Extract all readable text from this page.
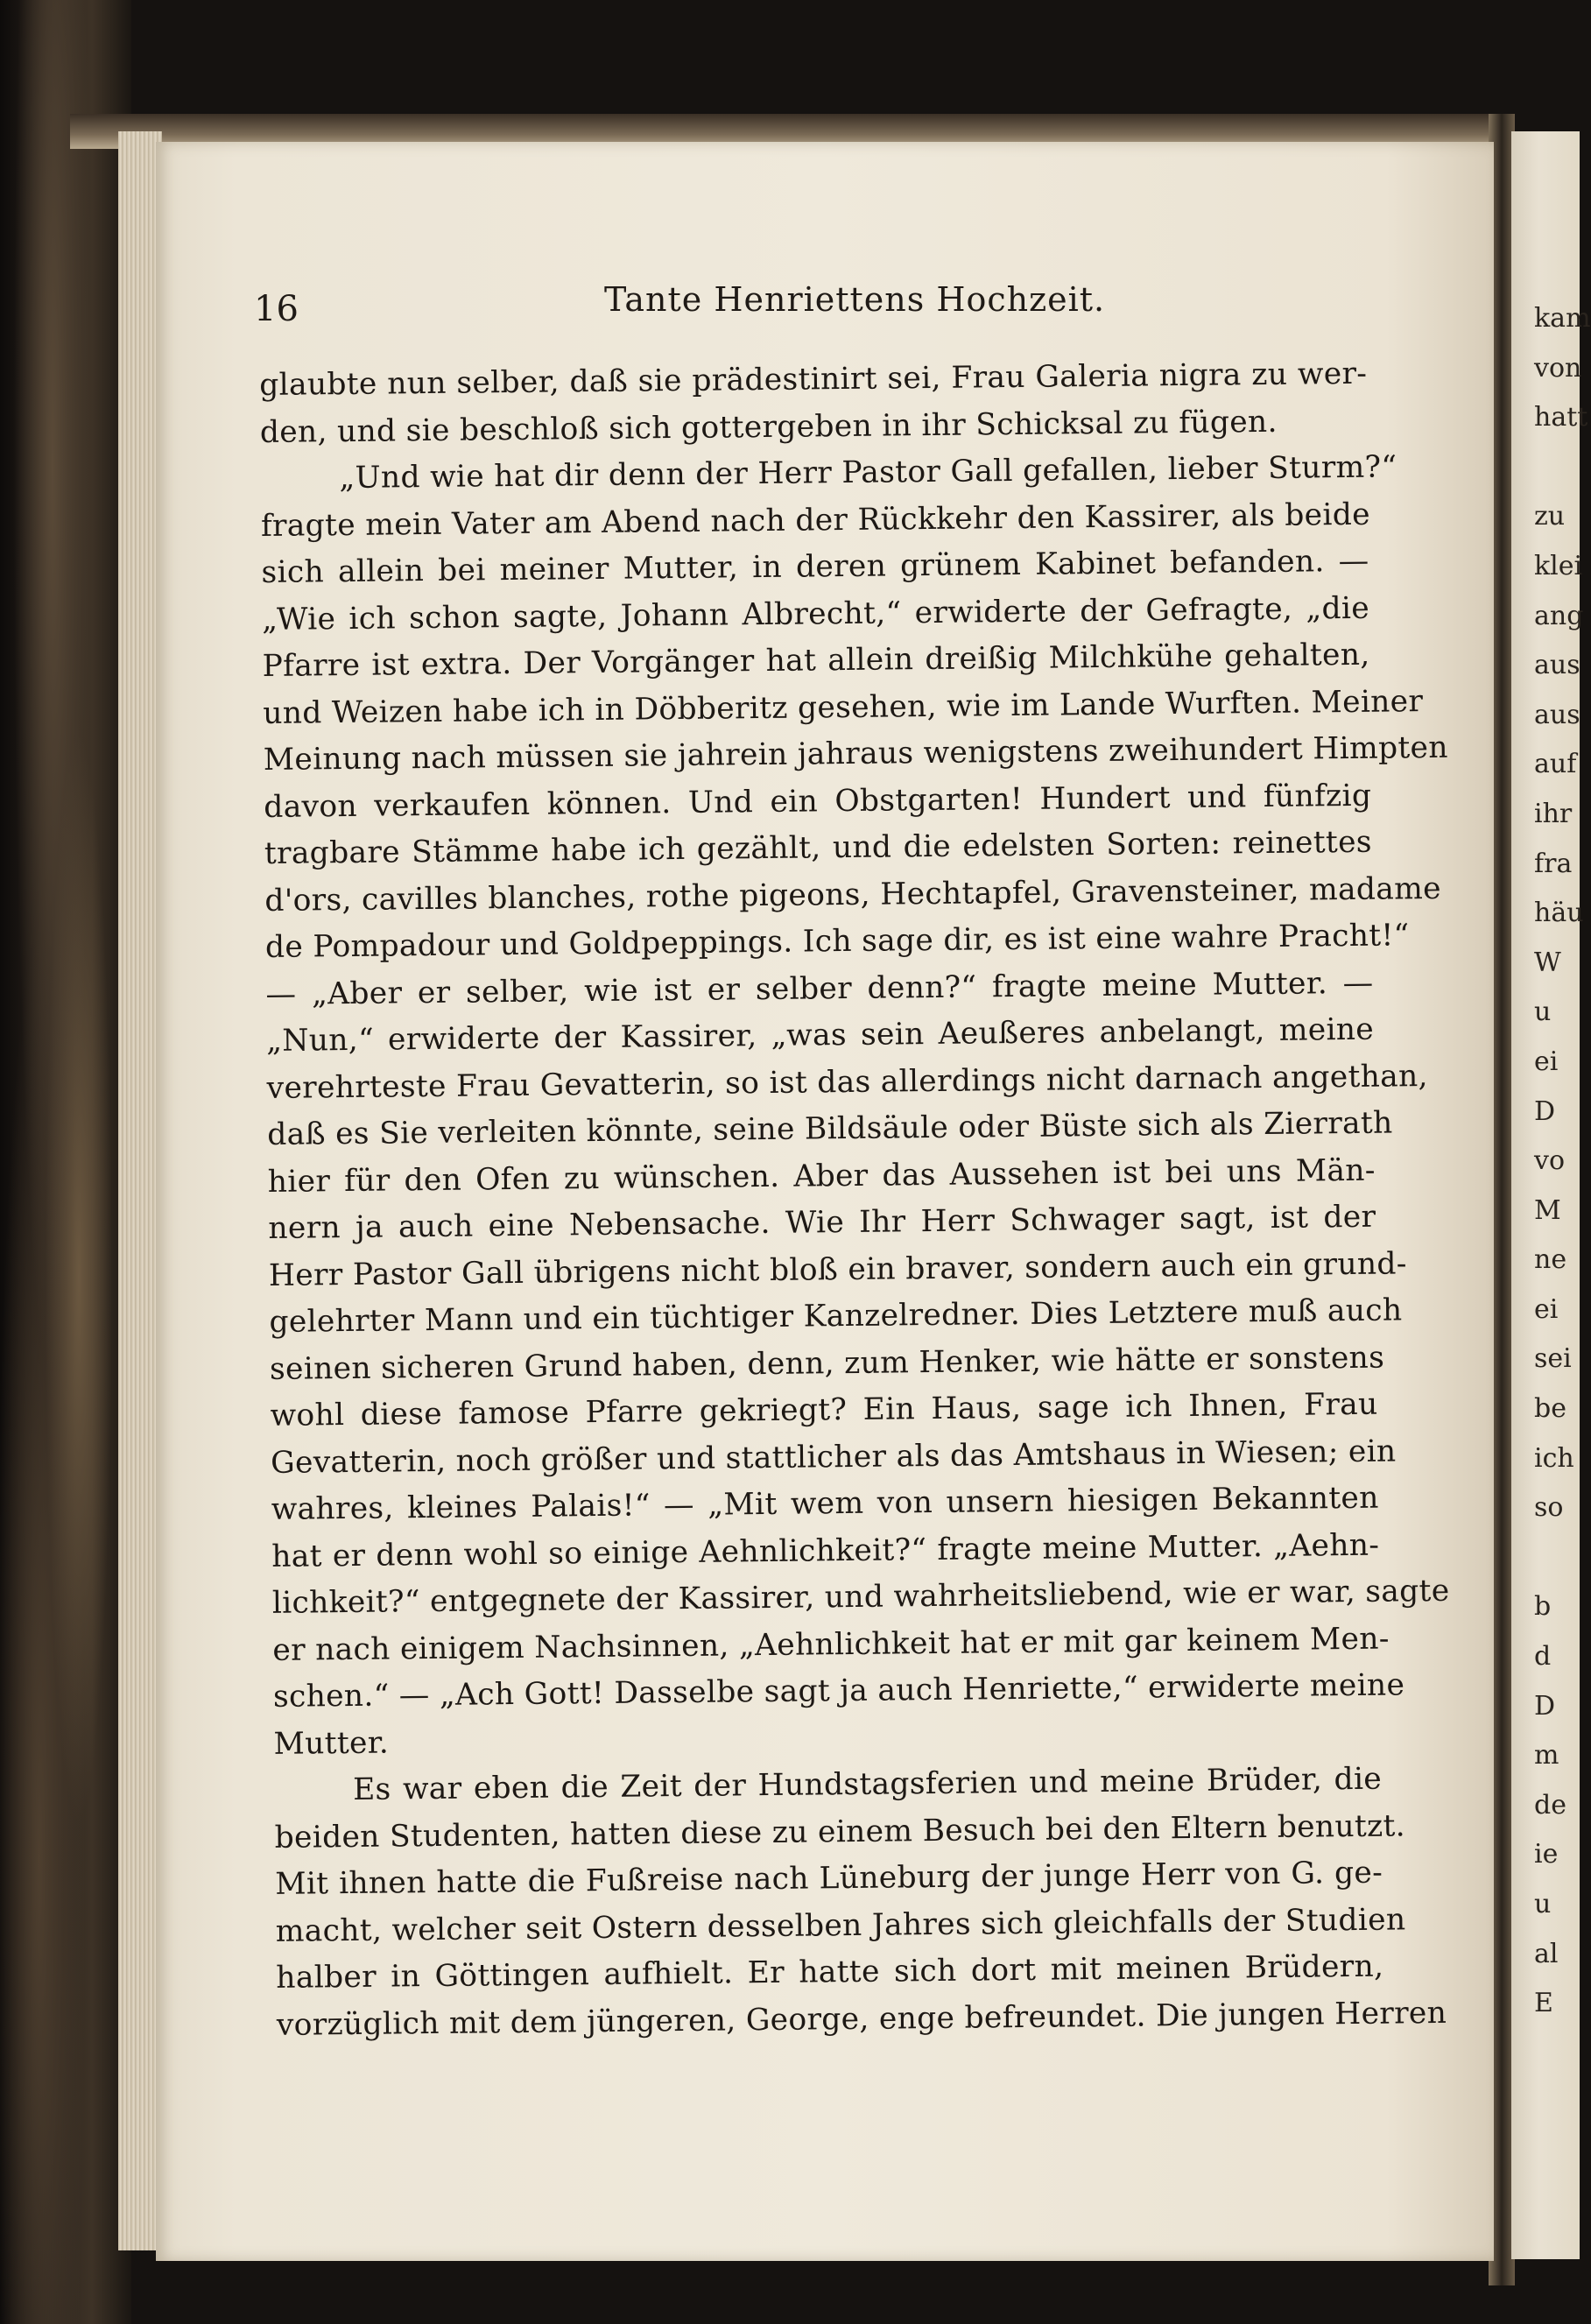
kam
von
hatt
zu
klei
ang
aus
aus
auf
ihr
fra
häu
W
u
ei
D
vo
M
ne
ei
sei
be
ich
so
b
d
D
m
de
ie
u
al
E
16	Tante Henriettens Hochzeit.
glaubte nun selber, daß sie prädestinirt sei, Frau Galeria nigra zu wer-
den, und sie beschloß sich gottergeben in ihr Schicksal zu fügen.
„Und wie hat dir denn der Herr Pastor Gall gefallen, lieber Sturm?“
fragte mein Vater am Abend nach der Rückkehr den Kassirer, als beide
sich allein bei meiner Mutter, in deren grünem Kabinet befanden. —
„Wie ich schon sagte, Johann Albrecht,“ erwiderte der Gefragte, „die
Pfarre ist extra. Der Vorgänger hat allein dreißig Milchkühe gehalten,
und Weizen habe ich in Döbberitz gesehen, wie im Lande Wurften. Meiner
Meinung nach müssen sie jahrein jahraus wenigstens zweihundert Himpten
davon verkaufen können. Und ein Obstgarten! Hundert und fünfzig
tragbare Stämme habe ich gezählt, und die edelsten Sorten: reinettes
d'ors, cavilles blanches, rothe pigeons, Hechtapfel, Gravensteiner, madame
de Pompadour und Goldpeppings. Ich sage dir, es ist eine wahre Pracht!“
— „Aber er selber, wie ist er selber denn?“ fragte meine Mutter. —
„Nun,“ erwiderte der Kassirer, „was sein Aeußeres anbelangt, meine
verehrteste Frau Gevatterin, so ist das allerdings nicht darnach angethan,
daß es Sie verleiten könnte, seine Bildsäule oder Büste sich als Zierrath
hier für den Ofen zu wünschen. Aber das Aussehen ist bei uns Män-
nern ja auch eine Nebensache. Wie Ihr Herr Schwager sagt, ist der
Herr Pastor Gall übrigens nicht bloß ein braver, sondern auch ein grund-
gelehrter Mann und ein tüchtiger Kanzelredner. Dies Letztere muß auch
seinen sicheren Grund haben, denn, zum Henker, wie hätte er sonstens
wohl diese famose Pfarre gekriegt? Ein Haus, sage ich Ihnen, Frau
Gevatterin, noch größer und stattlicher als das Amtshaus in Wiesen; ein
wahres, kleines Palais!“ — „Mit wem von unsern hiesigen Bekannten
hat er denn wohl so einige Aehnlichkeit?“ fragte meine Mutter. „Aehn-
lichkeit?“ entgegnete der Kassirer, und wahrheitsliebend, wie er war, sagte
er nach einigem Nachsinnen, „Aehnlichkeit hat er mit gar keinem Men-
schen.“ — „Ach Gott! Dasselbe sagt ja auch Henriette,“ erwiderte meine
Mutter.
Es war eben die Zeit der Hundstagsferien und meine Brüder, die
beiden Studenten, hatten diese zu einem Besuch bei den Eltern benutzt.
Mit ihnen hatte die Fußreise nach Lüneburg der junge Herr von G. ge-
macht, welcher seit Ostern desselben Jahres sich gleichfalls der Studien
halber in Göttingen aufhielt. Er hatte sich dort mit meinen Brüdern,
vorzüglich mit dem jüngeren, George, enge befreundet. Die jungen Herren
